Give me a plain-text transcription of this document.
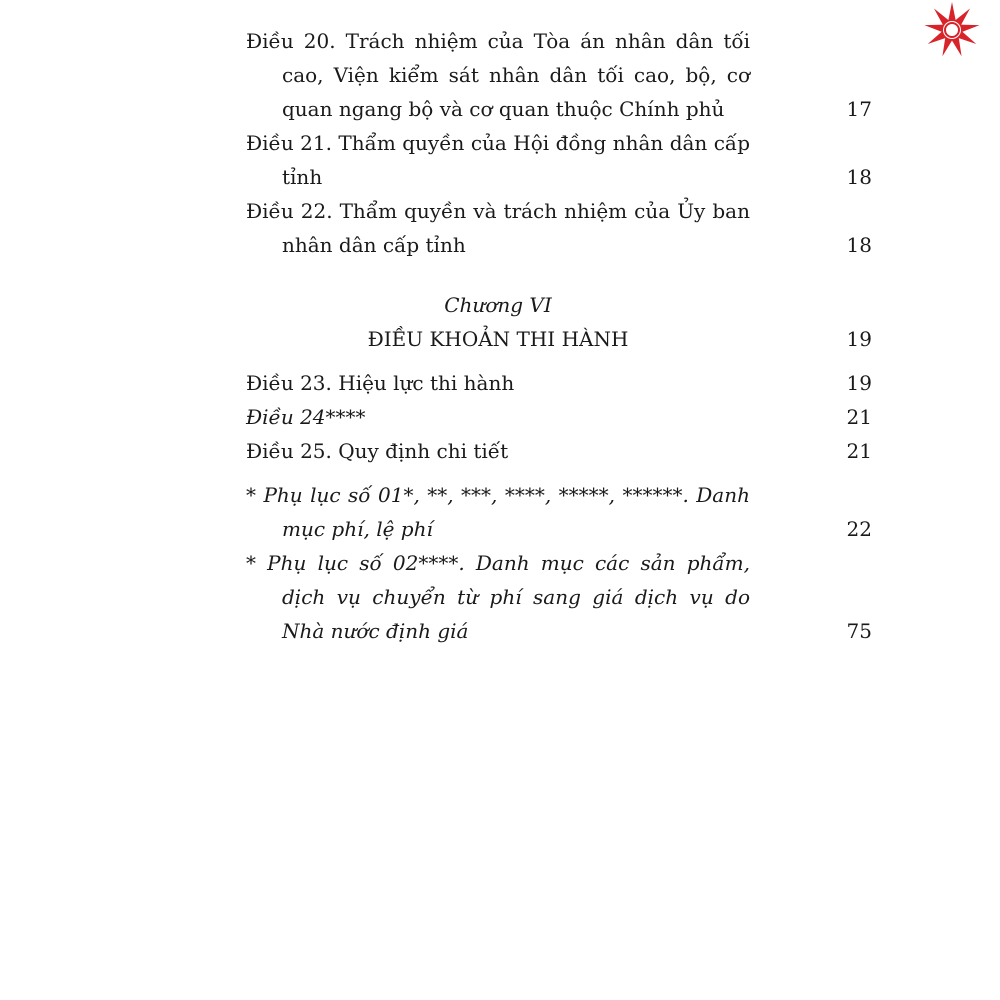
Điều 20. Trách nhiệm của Tòa án nhân dân tối cao, Viện kiểm sát nhân dân tối cao, bộ, cơ quan ngang bộ và cơ quan thuộc Chính phủ	17
Điều 21. Thẩm quyền của Hội đồng nhân dân cấp tỉnh	18
Điều 22. Thẩm quyền và trách nhiệm của Ủy ban nhân dân cấp tỉnh	18
Chương VI
ĐIỀU KHOẢN THI HÀNH	19
Điều 23. Hiệu lực thi hành	19
Điều 24****	21
Điều 25. Quy định chi tiết	21
* Phụ lục số 01*, **, ***, ****, *****, ******. Danh mục phí, lệ phí	22
* Phụ lục số 02****. Danh mục các sản phẩm, dịch vụ chuyển từ phí sang giá dịch vụ do Nhà nước định giá	75
